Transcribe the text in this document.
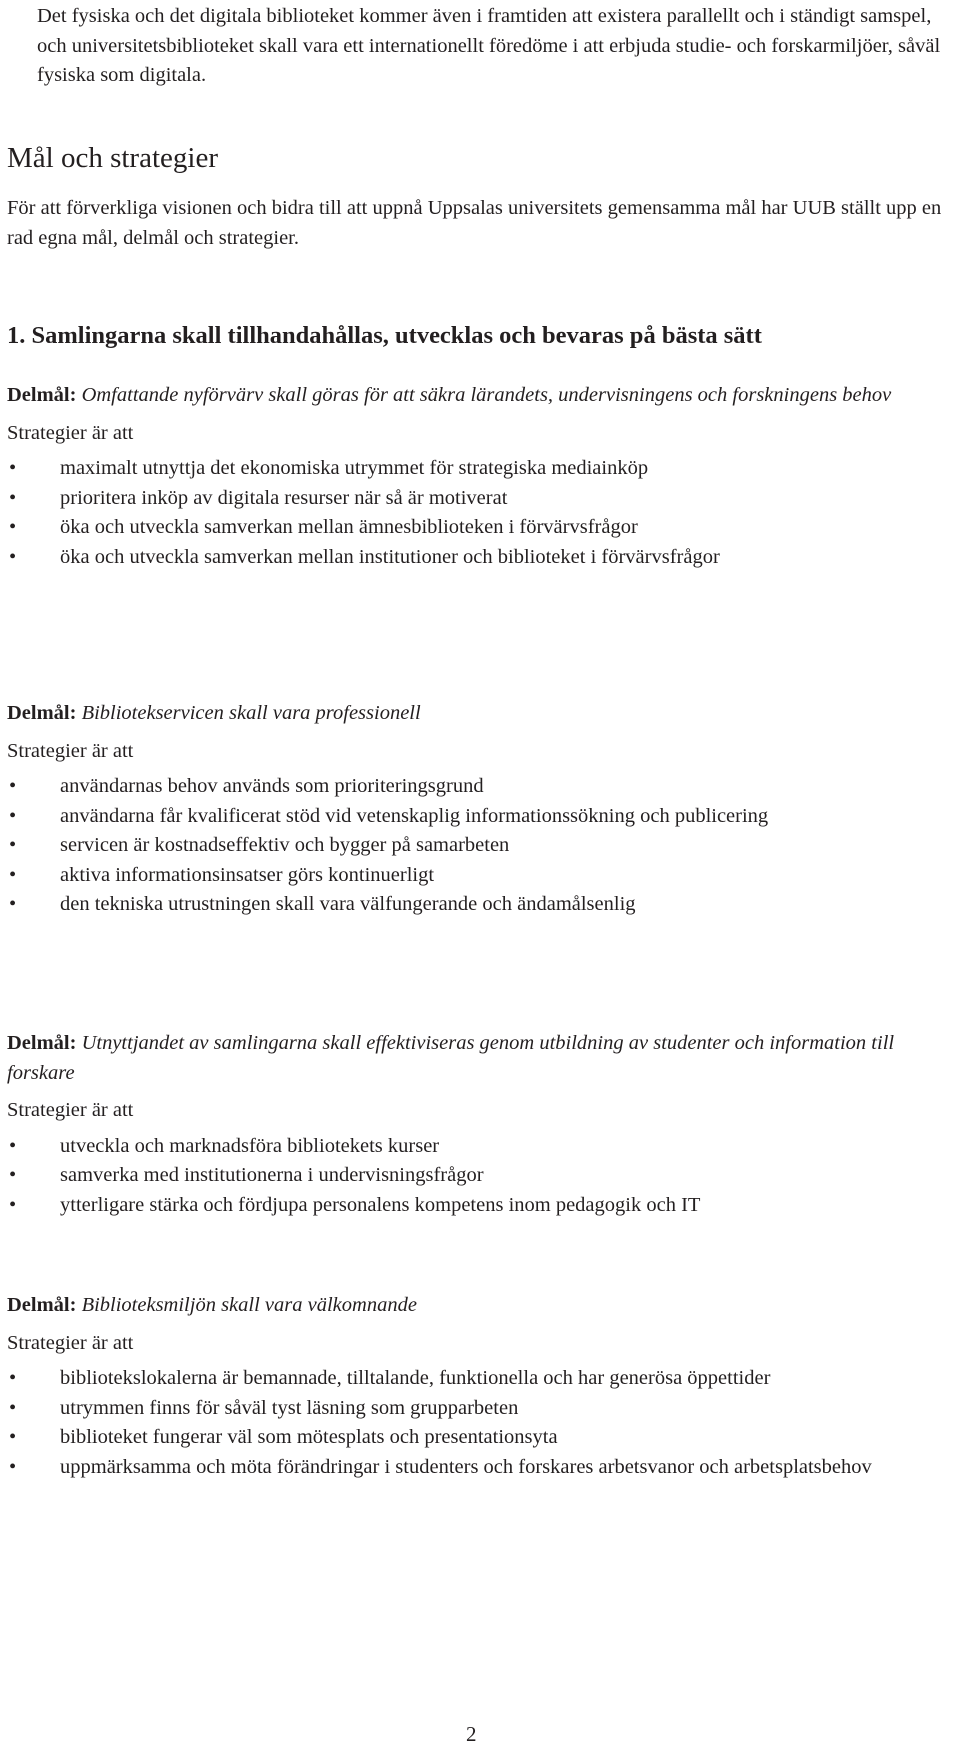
Det fysiska och det digitala biblioteket kommer även i framtiden att existera parallellt och i ständigt samspel, och universitetsbiblioteket skall vara ett internationellt föredöme i att erbjuda studie- och forskarmiljöer, såväl fysiska som digitala.

Mål och strategier

För att förverkliga visionen och bidra till att uppnå Uppsalas universitets gemensamma mål har UUB ställt upp en rad egna mål, delmål och strategier.

1. Samlingarna skall tillhandahållas, utvecklas och bevaras på bästa sätt

Delmål: Omfattande nyförvärv skall göras för att säkra lärandets, undervisningens och forskningens behov

Strategier är att

• maximalt utnyttja det ekonomiska utrymmet för strategiska mediainköp
• prioritera inköp av digitala resurser när så är motiverat
• öka och utveckla samverkan mellan ämnesbiblioteken i förvärvsfrågor
• öka och utveckla samverkan mellan institutioner och biblioteket i förvärvsfrågor

Delmål: Bibliotekservicen skall vara professionell

Strategier är att

• användarnas behov används som prioriteringsgrund
• användarna får kvalificerat stöd vid vetenskaplig informationssökning och publicering
• servicen är kostnadseffektiv och bygger på samarbeten
• aktiva informationsinsatser görs kontinuerligt
• den tekniska utrustningen skall vara välfungerande och ändamålsenlig

Delmål: Utnyttjandet av samlingarna skall effektiviseras genom utbildning av studenter och information till forskare

Strategier är att

• utveckla och marknadsföra bibliotekets kurser
• samverka med institutionerna i undervisningsfrågor
• ytterligare stärka och fördjupa personalens kompetens inom pedagogik och IT

Delmål: Biblioteksmiljön skall vara välkomnande

Strategier är att

• bibliotekslokalerna är bemannade, tilltalande, funktionella och har generösa öppettider
• utrymmen finns för såväl tyst läsning som grupparbeten
• biblioteket fungerar väl som mötesplats och presentationsyta
• uppmärksamma och möta förändringar i studenters och forskares arbetsvanor och arbetsplatsbehov

2
